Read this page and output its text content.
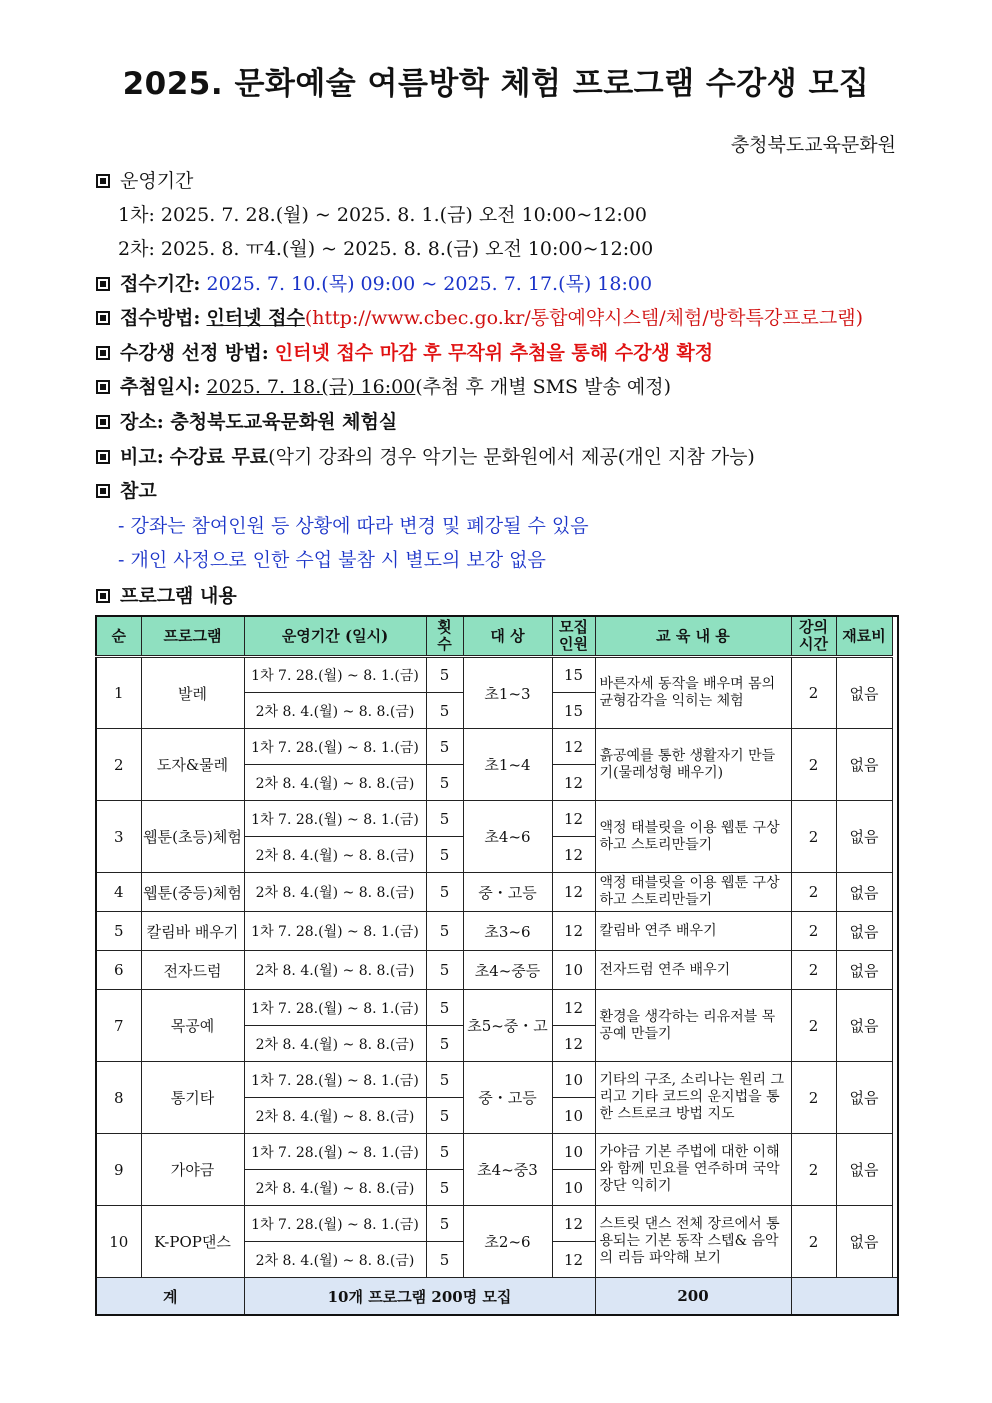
2025. 문화예술 여름방학 체험 프로그램 수강생 모집
충청북도교육문화원
운영기간
1차: 2025. 7. 28.(월) ~ 2025. 8. 1.(금) 오전 10:00~12:00
2차: 2025. 8. ㅠ4.(월) ~ 2025. 8. 8.(금) 오전 10:00~12:00
접수기간: 2025. 7. 10.(목) 09:00 ~ 2025. 7. 17.(목) 18:00
접수방법: 인터넷 접수(http://www.cbec.go.kr/통합예약시스템/체험/방학특강프로그램)
수강생 선정 방법: 인터넷 접수 마감 후 무작위 추첨을 통해 수강생 확정
추첨일시: 2025. 7. 18.(금) 16:00(추첨 후 개별 SMS 발송 예정)
장소: 충청북도교육문화원 체험실
비고: 수강료 무료(악기 강좌의 경우 악기는 문화원에서 제공(개인 지참 가능)
참고
- 강좌는 참여인원 등 상황에 따라 변경 및 폐강될 수 있음
- 개인 사정으로 인한 수업 불참 시 별도의 보강 없음
프로그램 내용
순	프로그램	운영기간 (일시)	횟수	대 상	모집인원	교 육 내 용	강의시간	재료비
1	발레	1차 7. 28.(월) ~ 8. 1.(금)	5	초1~3	15	바른자세 동작을 배우며 몸의 균형감각을 익히는 체험	2	없음
		2차 8. 4.(월) ~ 8. 8.(금)	5		15			
2	도자&물레	1차 7. 28.(월) ~ 8. 1.(금)	5	초1~4	12	흙공예를 통한 생활자기 만들기(물레성형 배우기)	2	없음
		2차 8. 4.(월) ~ 8. 8.(금)	5		12			
3	웹툰(초등)체험	1차 7. 28.(월) ~ 8. 1.(금)	5	초4~6	12	액정 태블릿을 이용 웹툰 구상 하고 스토리만들기	2	없음
		2차 8. 4.(월) ~ 8. 8.(금)	5		12			
4	웹툰(중등)체험	2차 8. 4.(월) ~ 8. 8.(금)	5	중・고등	12	액정 태블릿을 이용 웹툰 구상 하고 스토리만들기	2	없음
5	칼림바 배우기	1차 7. 28.(월) ~ 8. 1.(금)	5	초3~6	12	칼림바 연주 배우기	2	없음
6	전자드럼	2차 8. 4.(월) ~ 8. 8.(금)	5	초4~중등	10	전자드럼 연주 배우기	2	없음
7	목공예	1차 7. 28.(월) ~ 8. 1.(금)	5	초5~중・고	12	환경을 생각하는 리유저블 목공예 만들기	2	없음
		2차 8. 4.(월) ~ 8. 8.(금)	5		12			
8	통기타	1차 7. 28.(월) ~ 8. 1.(금)	5	중・고등	10	기타의 구조, 소리나는 원리 그리고 기타 코드의 운지법을 통한 스트로크 방법 지도	2	없음
		2차 8. 4.(월) ~ 8. 8.(금)	5		10			
9	가야금	1차 7. 28.(월) ~ 8. 1.(금)	5	초4~중3	10	가야금 기본 주법에 대한 이해와 함께 민요를 연주하며 국악 장단 익히기	2	없음
		2차 8. 4.(월) ~ 8. 8.(금)	5		10			
10	K-POP댄스	1차 7. 28.(월) ~ 8. 1.(금)	5	초2~6	12	스트릿 댄스 전체 장르에서 통용되는 기본 동작 스텝& 음악의 리듬 파악해 보기	2	없음
		2차 8. 4.(월) ~ 8. 8.(금)	5		12			
계		10개 프로그램 200명 모집				200		
